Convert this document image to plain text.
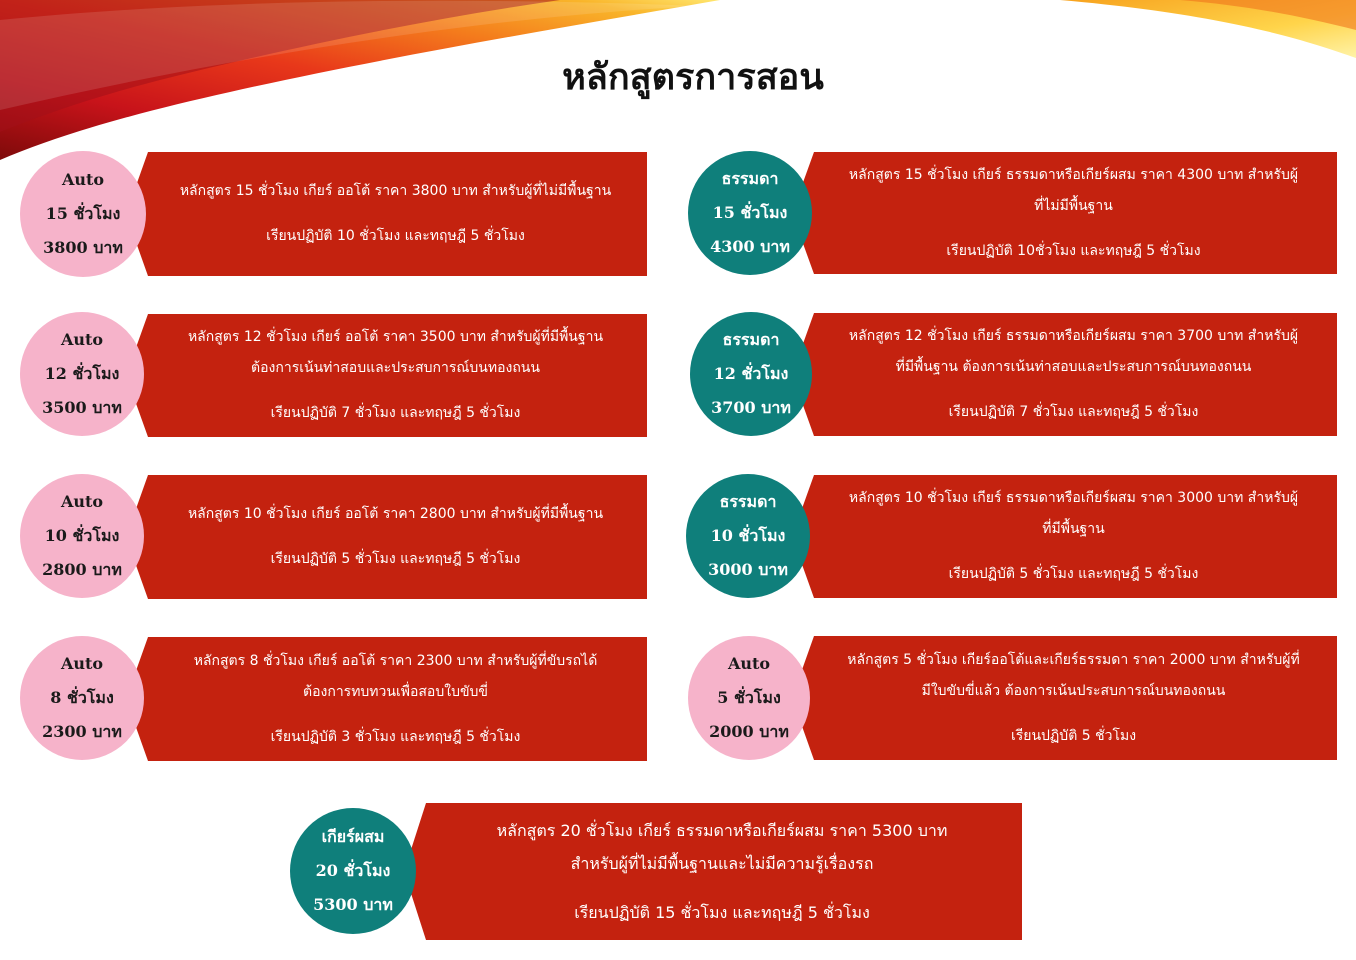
หลักสูตรการสอน
หลักสูตร 15 ชั่วโมง เกียร์ ออโต้ ราคา 3800 บาท สำหรับผู้ที่ไม่มีพื้นฐาน
เรียนปฏิบัติ 10 ชั่วโมง และทฤษฎี 5 ชั่วโมง
Auto
15 ชั่วโมง
3800 บาท
หลักสูตร 15 ชั่วโมง เกียร์ ธรรมดาหรือเกียร์ผสม ราคา 4300 บาท สำหรับผู้
ที่ไม่มีพื้นฐาน
เรียนปฏิบัติ 10ชั่วโมง และทฤษฎี 5 ชั่วโมง
ธรรมดา
15 ชั่วโมง
4300 บาท
หลักสูตร 12 ชั่วโมง เกียร์ ออโต้ ราคา 3500 บาท สำหรับผู้ที่มีพื้นฐาน
ต้องการเน้นท่าสอบและประสบการณ์บนทองถนน
เรียนปฏิบัติ 7 ชั่วโมง และทฤษฎี 5 ชั่วโมง
Auto
12 ชั่วโมง
3500 บาท
หลักสูตร 12 ชั่วโมง เกียร์ ธรรมดาหรือเกียร์ผสม ราคา 3700 บาท สำหรับผู้
ที่มีพื้นฐาน ต้องการเน้นท่าสอบและประสบการณ์บนทองถนน
เรียนปฏิบัติ 7 ชั่วโมง และทฤษฎี 5 ชั่วโมง
ธรรมดา
12 ชั่วโมง
3700 บาท
หลักสูตร 10 ชั่วโมง เกียร์ ออโต้ ราคา 2800 บาท สำหรับผู้ที่มีพื้นฐาน
เรียนปฏิบัติ 5 ชั่วโมง และทฤษฎี 5 ชั่วโมง
Auto
10 ชั่วโมง
2800 บาท
หลักสูตร 10 ชั่วโมง เกียร์ ธรรมดาหรือเกียร์ผสม ราคา 3000 บาท สำหรับผู้
ที่มีพื้นฐาน
เรียนปฏิบัติ 5 ชั่วโมง และทฤษฎี 5 ชั่วโมง
ธรรมดา
10 ชั่วโมง
3000 บาท
หลักสูตร 8 ชั่วโมง เกียร์ ออโต้ ราคา 2300 บาท สำหรับผู้ที่ขับรถได้
ต้องการทบทวนเพื่อสอบใบขับขี่
เรียนปฏิบัติ 3 ชั่วโมง และทฤษฎี 5 ชั่วโมง
Auto
8 ชั่วโมง
2300 บาท
หลักสูตร 5 ชั่วโมง เกียร์ออโต้และเกียร์ธรรมดา ราคา 2000 บาท สำหรับผู้ที่
มีใบขับขี่แล้ว ต้องการเน้นประสบการณ์บนทองถนน
เรียนปฏิบัติ 5 ชั่วโมง
Auto
5 ชั่วโมง
2000 บาท
หลักสูตร 20 ชั่วโมง เกียร์ ธรรมดาหรือเกียร์ผสม ราคา 5300 บาท
สำหรับผู้ที่ไม่มีพื้นฐานและไม่มีความรู้เรื่องรถ
เรียนปฏิบัติ 15 ชั่วโมง และทฤษฎี 5 ชั่วโมง
เกียร์ผสม
20 ชั่วโมง
5300 บาท
